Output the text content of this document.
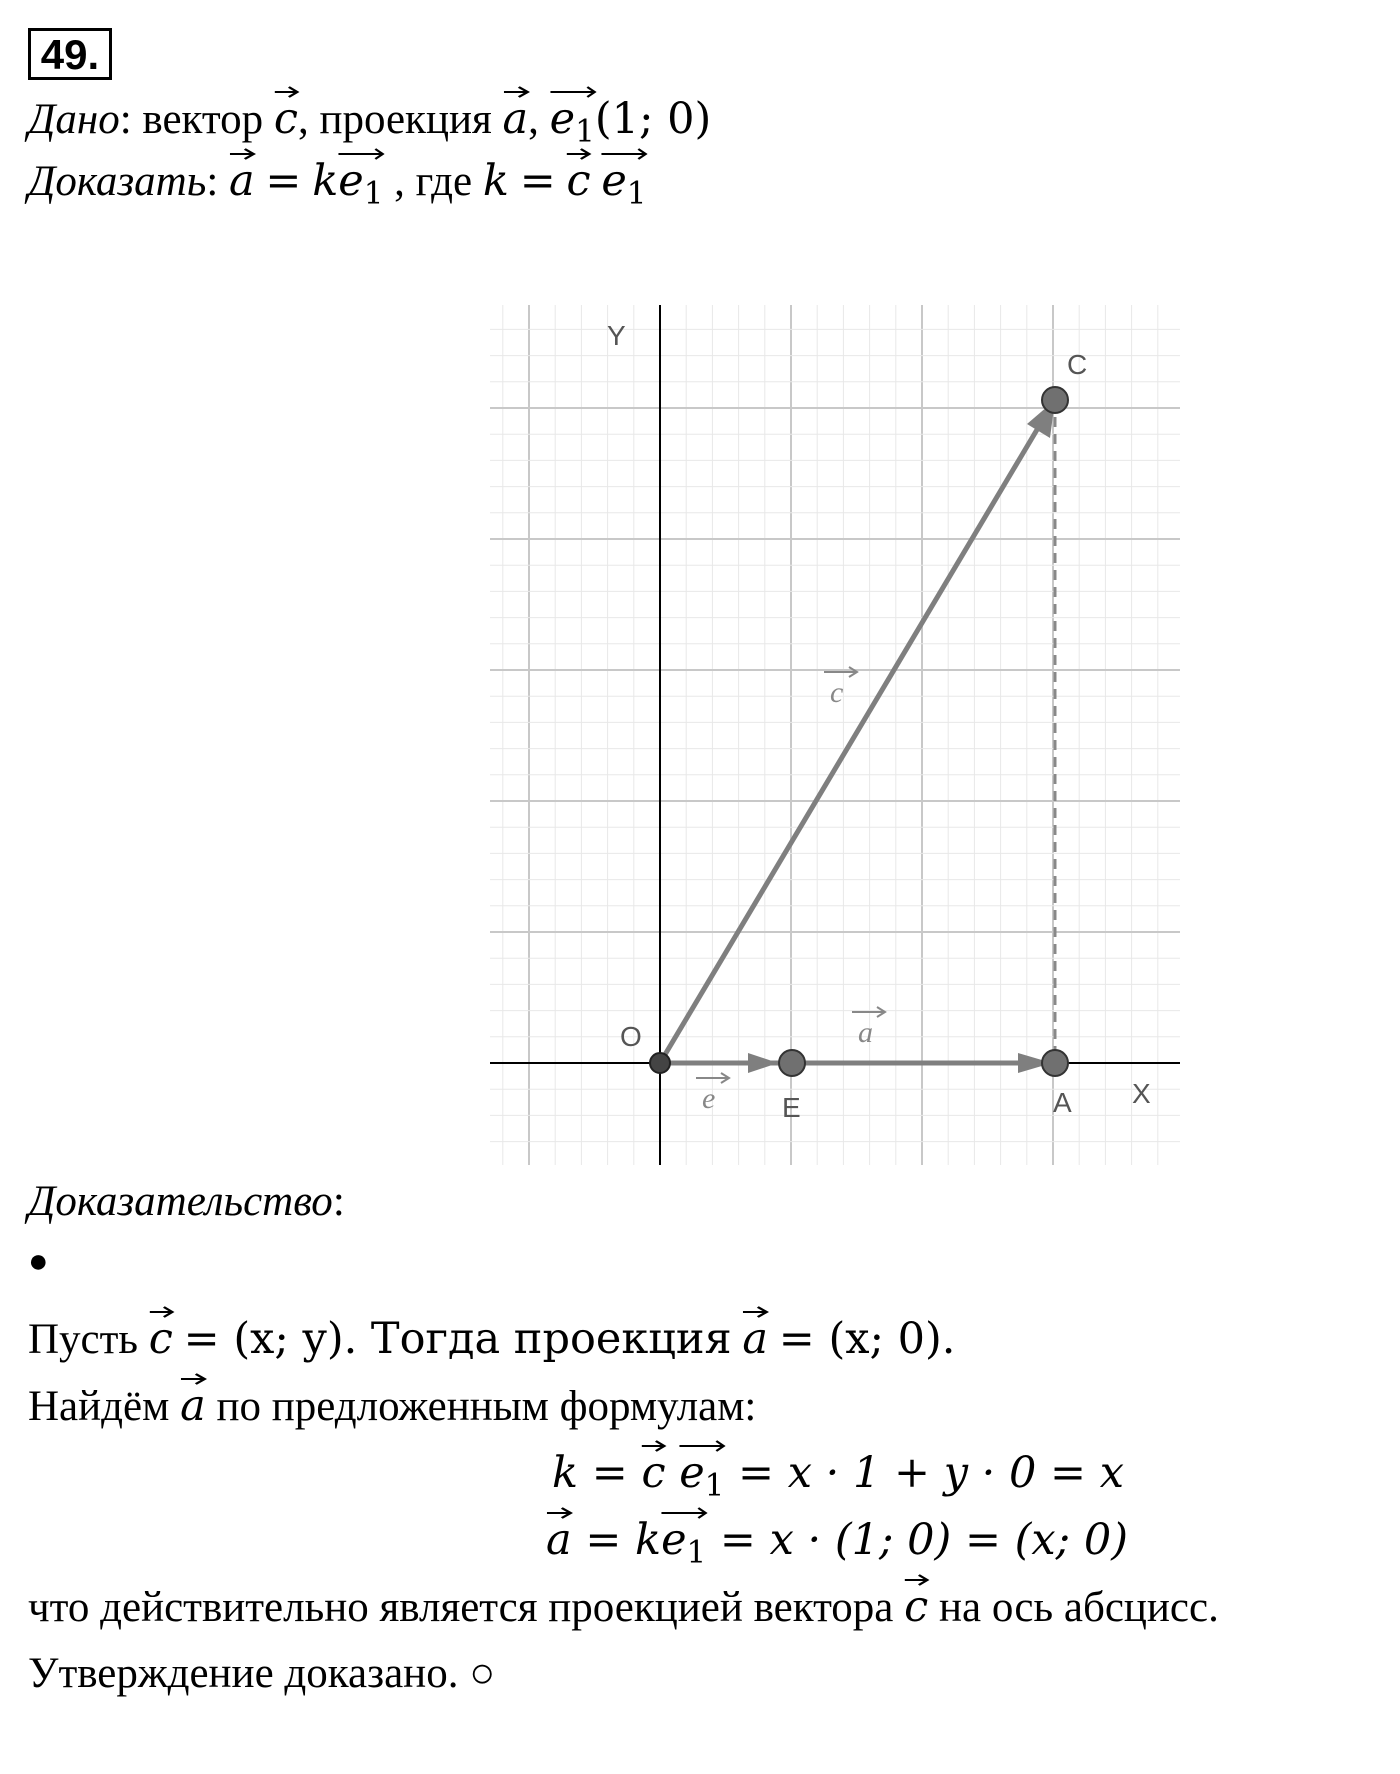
49.
Дано: вектор c, проекция a,
$e_1(1$; 0)
Доказать:
a = k
$e_1$ , где k = c $e_1$
Y
X
O
E	A
C
c
a
e
Доказательство:
●
Пусть c = (x; y). Тогда проекция a = (x; 0).
Найдём a по предложенным формулам:
k = c $e_1 = x \cdot 1 + y \cdot 0 = x$
a = k
$e_1 = x \cdot (1$; 0) = (x; 0)
что действительно является проекцией вектора c на ось абсцисс.
Утверждение доказано. ○
